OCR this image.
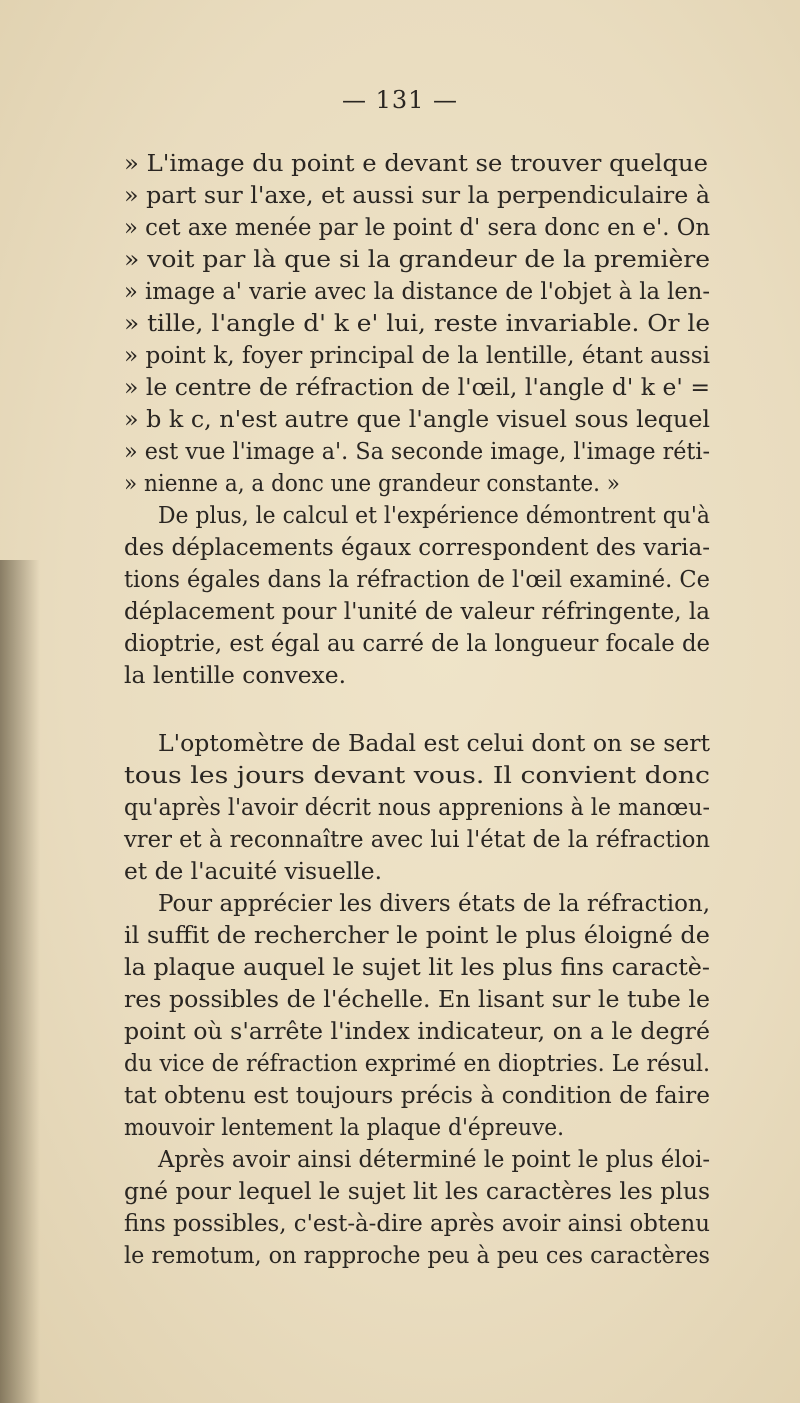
— 131 —
» L'image du point e devant se trouver quelque
» part sur l'axe, et aussi sur la perpendiculaire à
» cet axe menée par le point d' sera donc en e'. On
» voit par là que si la grandeur de la première
» image a' varie avec la distance de l'objet à la len-
» tille, l'angle d' k e' lui, reste invariable. Or le
» point k, foyer principal de la lentille, étant aussi
» le centre de réfraction de l'œil, l'angle d' k e' =
» b k c, n'est autre que l'angle visuel sous lequel
» est vue l'image a'. Sa seconde image, l'image réti-
» nienne a, a donc une grandeur constante. »
De plus, le calcul et l'expérience démontrent qu'à
des déplacements égaux correspondent des varia-
tions égales dans la réfraction de l'œil examiné. Ce
déplacement pour l'unité de valeur réfringente, la
dioptrie, est égal au carré de la longueur focale de
la lentille convexe.
L'optomètre de Badal est celui dont on se sert
tous les jours devant vous. Il convient donc
qu'après l'avoir décrit nous apprenions à le manœu-
vrer et à reconnaître avec lui l'état de la réfraction
et de l'acuité visuelle.
Pour apprécier les divers états de la réfraction,
il suffit de rechercher le point le plus éloigné de
la plaque auquel le sujet lit les plus fins caractè-
res possibles de l'échelle. En lisant sur le tube le
point où s'arrête l'index indicateur, on a le degré
du vice de réfraction exprimé en dioptries. Le résul.
tat obtenu est toujours précis à condition de faire
mouvoir lentement la plaque d'épreuve.
Après avoir ainsi déterminé le point le plus éloi-
gné pour lequel le sujet lit les caractères les plus
fins possibles, c'est-à-dire après avoir ainsi obtenu
le remotum, on rapproche peu à peu ces caractères
